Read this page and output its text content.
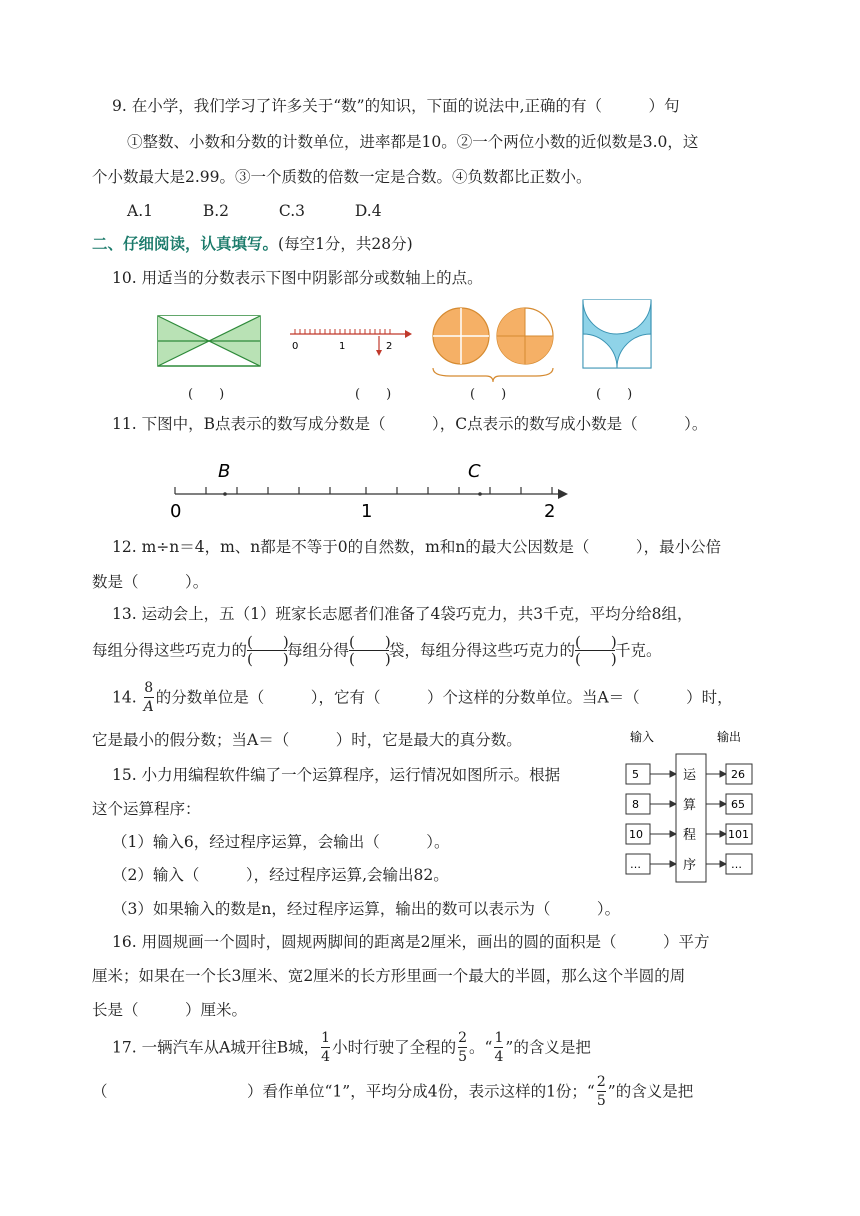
9. 在小学，我们学习了许多关于“数”的知识，下面的说法中,正确的有（　　　）句
①整数、小数和分数的计数单位，进率都是10。②一个两位小数的近似数是3.0，这
个小数最大是2.99。③一个质数的倍数一定是合数。④负数都比正数小。
A.1	B.2	C.3	D.4
二、仔细阅读，认真填写。(每空1分，共28分)
10. 用适当的分数表示下图中阴影部分或数轴上的点。
0	1	2
(　　)	(　　)	(　　)	(　　)
11. 下图中，B点表示的数写成分数是（　　　），C点表示的数写成小数是（　　　）。
B	C
0	1	2
12. m÷n＝4，m、n都是不等于0的自然数，m和n的最大公因数是（　　　），最小公倍
数是（　　　）。
13. 运动会上，五（1）班家长志愿者们准备了4袋巧克力，共3千克，平均分给8组，
每组分得这些巧克力的 $\frac{( )}{( )}$ 每组分得 $\frac{( )}{( )}$ 袋，每组分得这些巧克力的 $\frac{( )}{( )}$ 千克。
14. $\frac{8}{A}$ 的分数单位是（　　　），它有（　　　）个这样的分数单位。当A＝（　　　）时，
它是最小的假分数；当A＝（　　　）时，它是最大的真分数。
15. 小力用编程软件编了一个运算程序，运行情况如图所示。根据
这个运算程序：
（1）输入6，经过程序运算，会输出（　　　）。
（2）输入（　　　），经过程序运算,会输出82。
（3）如果输入的数是n，经过程序运算，输出的数可以表示为（　　　）。
输入	输出
5
8
10
…
运
算
程
序
26
65
101
…
16. 用圆规画一个圆时，圆规两脚间的距离是2厘米，画出的圆的面积是（　　　）平方
厘米；如果在一个长3厘米、宽2厘米的长方形里画一个最大的半圆，那么这个半圆的周
长是（　　　）厘米。
17. 一辆汽车从A城开往B城， $\frac{1}{4}$ 小时行驶了全程的 $\frac{2}{5}$ 。“ $\frac{1}{4}$ ”的含义是把
（　　　　　　　　　）看作单位“1”，平均分成4份，表示这样的1份；“ $\frac{2}{5}$ ”的含义是把
